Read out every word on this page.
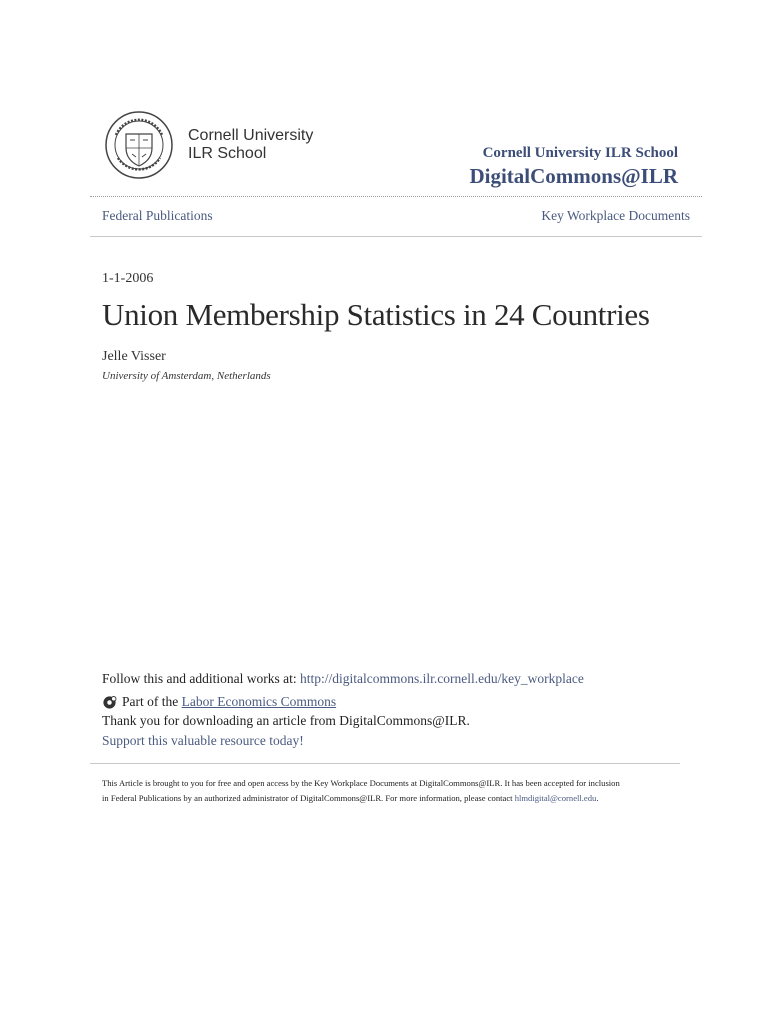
Cornell University
ILR School	Cornell University ILR School
DigitalCommons@ILR
Federal Publications	Key Workplace Documents
1-1-2006
Union Membership Statistics in 24 Countries
Jelle Visser
University of Amsterdam, Netherlands
Follow this and additional works at: http://digitalcommons.ilr.cornell.edu/key_workplace
Part of the
Labor Economics Commons
Thank you for downloading an article from DigitalCommons@ILR.
Support this valuable resource today!
This Article is brought to you for free and open access by the Key Workplace Documents at DigitalCommons@ILR. It has been accepted for inclusion
in Federal Publications by an authorized administrator of DigitalCommons@ILR. For more information, please contact hlmdigital@cornell.edu.
